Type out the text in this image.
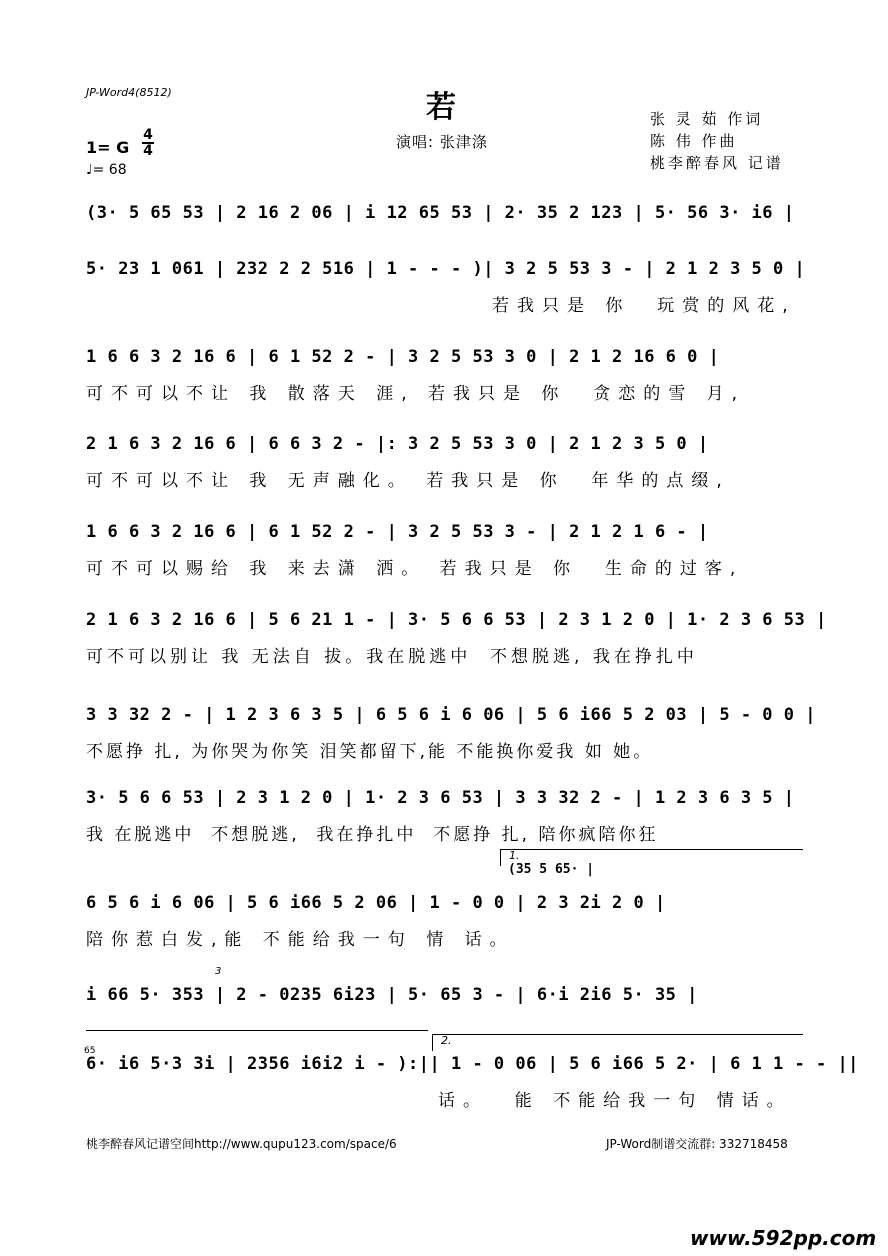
JP-Word4(8512)	若
演唱: 张津涤
张 灵 茹 作词
陈 伟 作曲
桃李醉春风 记谱
1= G
4
4
♩= 68
(3· 5 65 53 | 2 16 2 06 | i 12 65 53 | 2· 35 2 123 | 5· 56 3· i6 |
5· 23 1 061 | 232 2 2 516 | 1 - - - )| 3 2 5 53 3 - | 2 1 2 3 5 0 |
若我只是 你  玩赏的风花,
1 6 6 3 2 16 6 | 6 1 52 2 - | 3 2 5 53 3 0 | 2 1 2 16 6 0 |
可不可以不让 我 散落天 涯, 若我只是 你  贪恋的雪 月,
2 1 6 3 2 16 6 | 6 6 3 2 - |: 3 2 5 53 3 0 | 2 1 2 3 5 0 |
可不可以不让 我 无声融化。 若我只是 你  年华的点缀,
1 6 6 3 2 16 6 | 6 1 52 2 - | 3 2 5 53 3 - | 2 1 2 1 6 - |
可不可以赐给 我 来去潇 洒。 若我只是 你  生命的过客,
2 1 6 3 2 16 6 | 5 6 21 1 - | 3· 5 6 6 53 | 2 3 1 2 0 | 1· 2 3 6 53 |
可不可以别让 我 无法自 拔。我在脱逃中  不想脱逃, 我在挣扎中
3 3 32 2 - | 1 2 3 6 3 5 | 6 5 6 i 6 06 | 5 6 i66 5 2 03 | 5 - 0 0 |
不愿挣 扎, 为你哭为你笑 泪笑都留下,能 不能换你爱我 如 她。
3· 5 6 6 53 | 2 3 1 2 0 | 1· 2 3 6 53 | 3 3 32 2 - | 1 2 3 6 3 5 |
我 在脱逃中  不想脱逃,  我在挣扎中  不愿挣 扎, 陪你疯陪你狂
1.
(35 5 65· |
6 5 6 i 6 06 | 5 6 i66 5 2 06 | 1 - 0 0 | 2 3 2i 2 0 |
陪你惹白发,能 不能给我一句 情 话。
3
i 66 5· 353 | 2 - 0235 6i23 | 5· 65 3 - | 6·i 2i6 5· 35 |
2.
65
6· i6 5·3 3i | 2356 i6i2 i - ):|| 1 - 0 06 | 5 6 i66 5 2· | 6 1 1 - - ||
话。  能 不能给我一句 情话。
桃李醉春风记谱空间http://www.qupu123.com/space/6	JP-Word制谱交流群: 332718458
www.592pp.com
